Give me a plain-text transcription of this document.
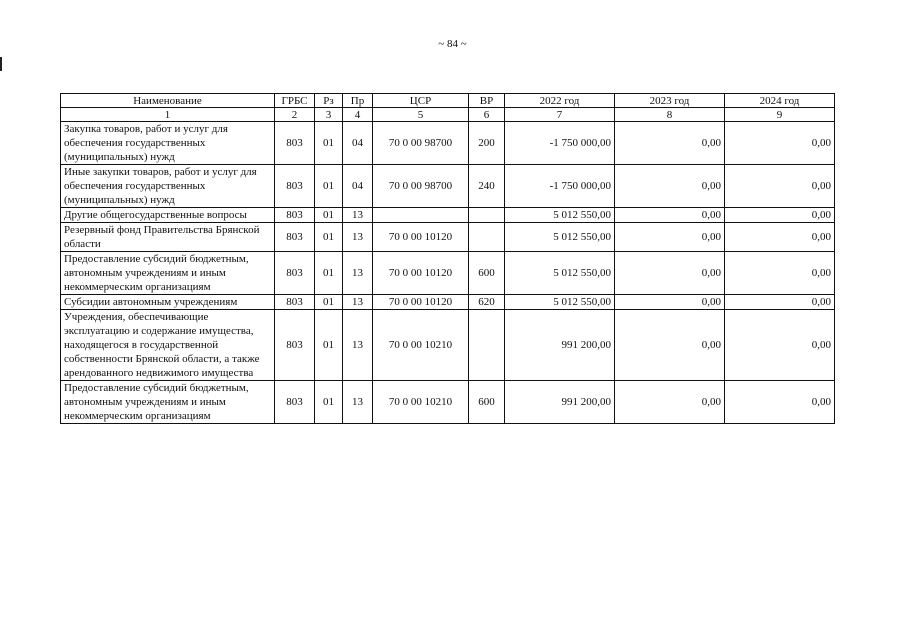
~ 84 ~
Наименование	ГРБС	Рз	Пр	ЦСР	ВР	2022 год	2023 год	2024 год
1	2	3	4	5	6	7	8	9
Закупка товаров, работ и услуг для обеспечения государственных (муниципальных) нужд	803	01	04	70 0 00 98700	200	-1 750 000,00	0,00	0,00
Иные закупки товаров, работ и услуг для обеспечения государственных (муниципальных) нужд	803	01	04	70 0 00 98700	240	-1 750 000,00	0,00	0,00
Другие общегосударственные вопросы	803	01	13			5 012 550,00	0,00	0,00
Резервный фонд Правительства Брянской области	803	01	13	70 0 00 10120		5 012 550,00	0,00	0,00
Предоставление субсидий бюджетным, автономным учреждениям и иным некоммерческим организациям	803	01	13	70 0 00 10120	600	5 012 550,00	0,00	0,00
Субсидии автономным учреждениям	803	01	13	70 0 00 10120	620	5 012 550,00	0,00	0,00
Учреждения, обеспечивающие эксплуатацию и содержание имущества, находящегося в государственной собственности Брянской области, а также арендованного недвижимого имущества	803	01	13	70 0 00 10210		991 200,00	0,00	0,00
Предоставление субсидий бюджетным, автономным учреждениям и иным некоммерческим организациям	803	01	13	70 0 00 10210	600	991 200,00	0,00	0,00
